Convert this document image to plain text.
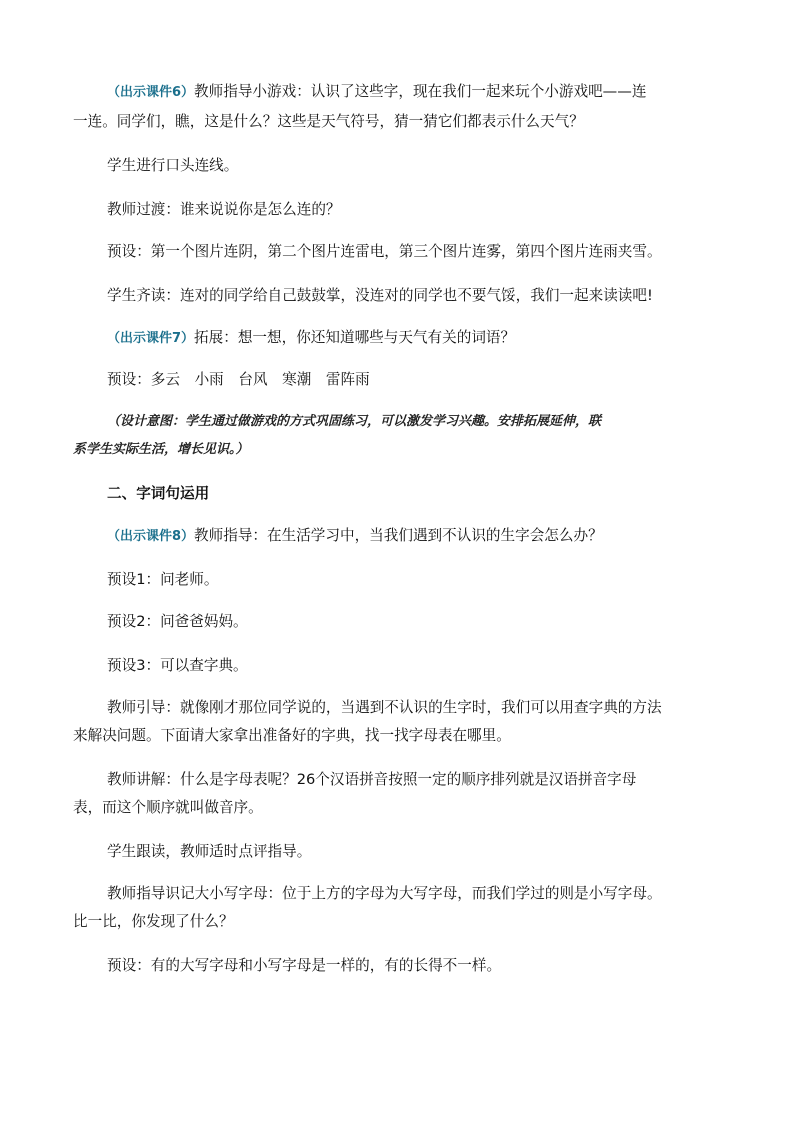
（出示课件6）教师指导小游戏：认识了这些字，现在我们一起来玩个小游戏吧——连
一连。同学们，瞧，这是什么？这些是天气符号，猜一猜它们都表示什么天气？
学生进行口头连线。
教师过渡：谁来说说你是怎么连的？
预设：第一个图片连阴，第二个图片连雷电，第三个图片连雾，第四个图片连雨夹雪。
学生齐读：连对的同学给自己鼓鼓掌，没连对的同学也不要气馁，我们一起来读读吧!
（出示课件7）拓展：想一想，你还知道哪些与天气有关的词语？
预设：多云　小雨　台风　寒潮　雷阵雨
（设计意图：学生通过做游戏的方式巩固练习，可以激发学习兴趣。安排拓展延伸，联
系学生实际生活，增长见识。）
二、字词句运用
（出示课件8）教师指导：在生活学习中，当我们遇到不认识的生字会怎么办？
预设1：问老师。
预设2：问爸爸妈妈。
预设3：可以查字典。
教师引导：就像刚才那位同学说的，当遇到不认识的生字时，我们可以用查字典的方法
来解决问题。下面请大家拿出准备好的字典，找一找字母表在哪里。
教师讲解：什么是字母表呢？26个汉语拼音按照一定的顺序排列就是汉语拼音字母
表，而这个顺序就叫做音序。
学生跟读，教师适时点评指导。
教师指导识记大小写字母：位于上方的字母为大写字母，而我们学过的则是小写字母。
比一比，你发现了什么？
预设：有的大写字母和小写字母是一样的，有的长得不一样。
